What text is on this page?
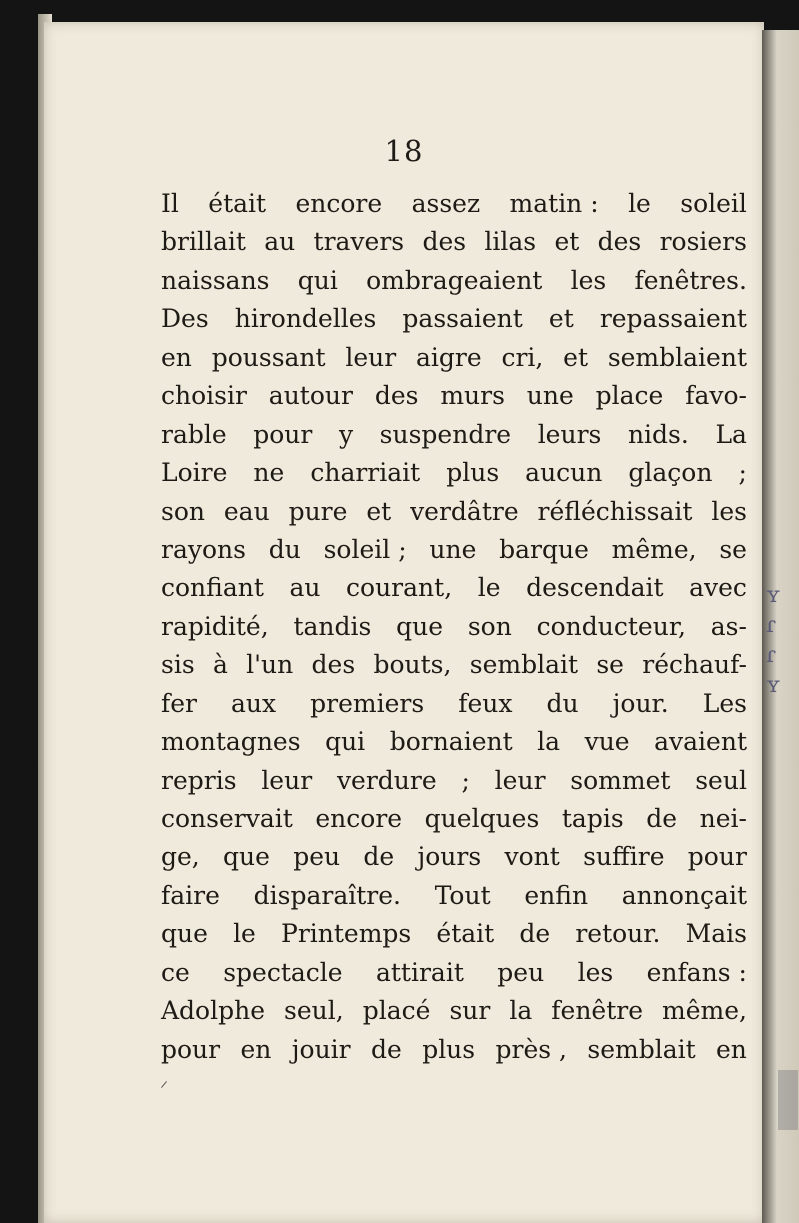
18
Il était encore assez matin : le soleil
brillait au travers des lilas et des rosiers
naissans qui ombrageaient les fenêtres.
Des hirondelles passaient et repassaient
en poussant leur aigre cri, et semblaient
choisir autour des murs une place favo-
rable pour y suspendre leurs nids. La
Loire ne charriait plus aucun glaçon ;
son eau pure et verdâtre réfléchissait les
rayons du soleil ; une barque même, se
confiant au courant, le descendait avec
rapidité, tandis que son conducteur, as-
sis à l'un des bouts, semblait se réchauf-
fer aux premiers feux du jour. Les
montagnes qui bornaient la vue avaient
repris leur verdure ; leur sommet seul
conservait encore quelques tapis de nei-
ge, que peu de jours vont suffire pour
faire disparaître. Tout enfin annonçait
que le Printemps était de retour. Mais
ce spectacle attirait peu les enfans :
Adolphe seul, placé sur la fenêtre même,
pour en jouir de plus près , semblait en
ʏ
ɾ
ɾ
ʏ
